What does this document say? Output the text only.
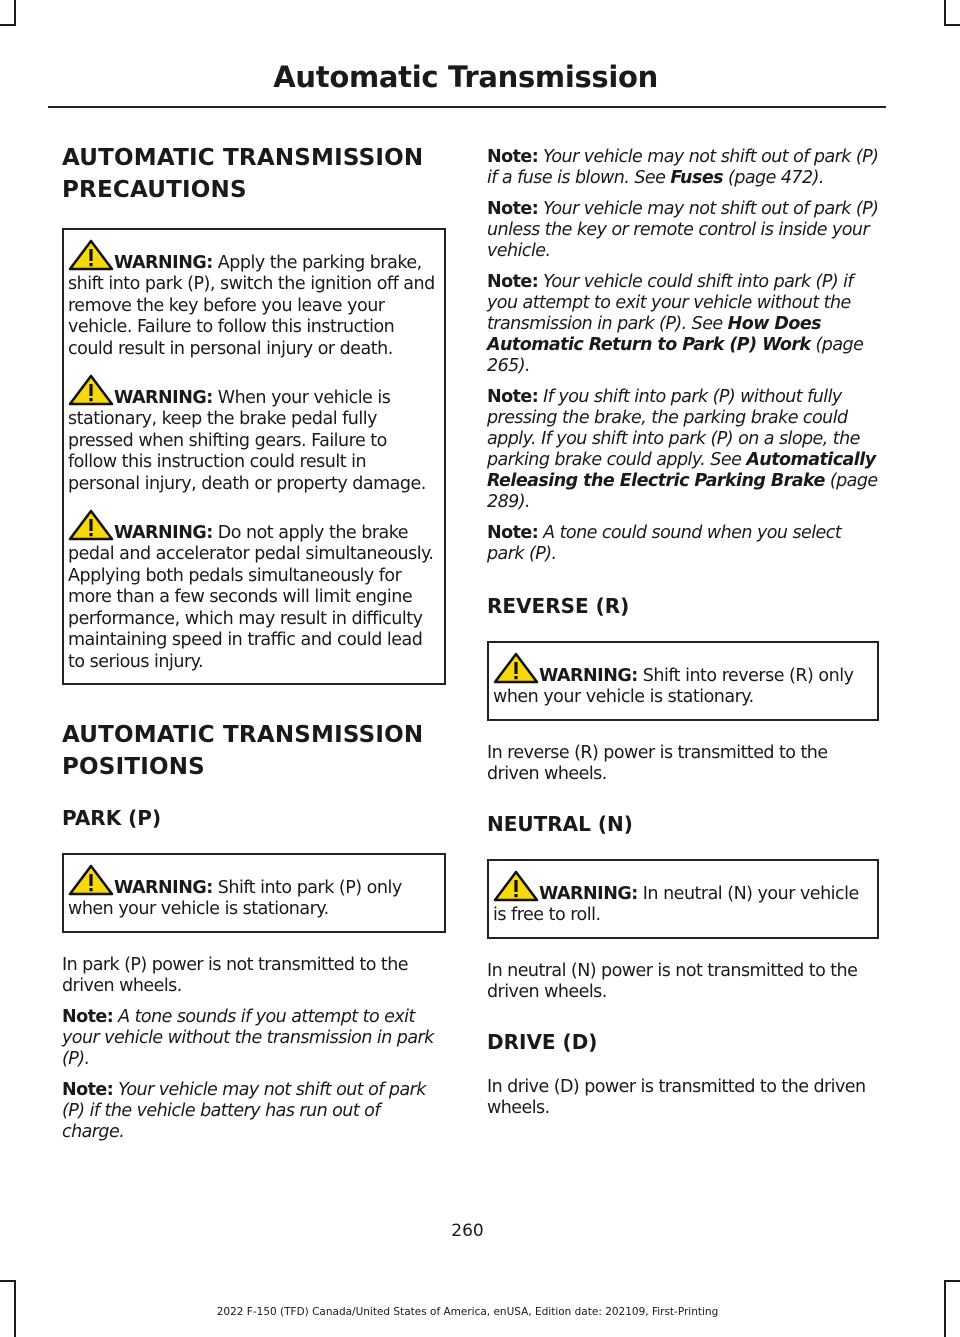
Automatic Transmission
AUTOMATIC TRANSMISSION
PRECAUTIONS
WARNING: Apply the parking brake, shift into park (P), switch the ignition off and remove the key before you leave your vehicle. Failure to follow this instruction could result in personal injury or death.
WARNING: When your vehicle is stationary, keep the brake pedal fully pressed when shifting gears. Failure to follow this instruction could result in personal injury, death or property damage.
WARNING: Do not apply the brake pedal and accelerator pedal simultaneously. Applying both pedals simultaneously for more than a few seconds will limit engine performance, which may result in difficulty maintaining speed in traffic and could lead to serious injury.
AUTOMATIC TRANSMISSION
POSITIONS
PARK (P)
WARNING: Shift into park (P) only when your vehicle is stationary.

In park (P) power is not transmitted to the driven wheels.

Note: A tone sounds if you attempt to exit your vehicle without the transmission in park (P).

Note: Your vehicle may not shift out of park (P) if the vehicle battery has run out of charge.

Note: Your vehicle may not shift out of park (P) if a fuse is blown. See Fuses (page 472).

Note: Your vehicle may not shift out of park (P) unless the key or remote control is inside your vehicle.

Note: Your vehicle could shift into park (P) if you attempt to exit your vehicle without the transmission in park (P). See How Does Automatic Return to Park (P) Work (page 265).

Note: If you shift into park (P) without fully pressing the brake, the parking brake could apply. If you shift into park (P) on a slope, the parking brake could apply. See Automatically Releasing the Electric Parking Brake (page 289).

Note: A tone could sound when you select park (P).

REVERSE (R)
WARNING: Shift into reverse (R) only when your vehicle is stationary.

In reverse (R) power is transmitted to the driven wheels.

NEUTRAL (N)
WARNING: In neutral (N) your vehicle is free to roll.

In neutral (N) power is not transmitted to the driven wheels.

DRIVE (D)

In drive (D) power is transmitted to the driven wheels.

260
2022 F-150 (TFD) Canada/United States of America, enUSA, Edition date: 202109, First-Printing
